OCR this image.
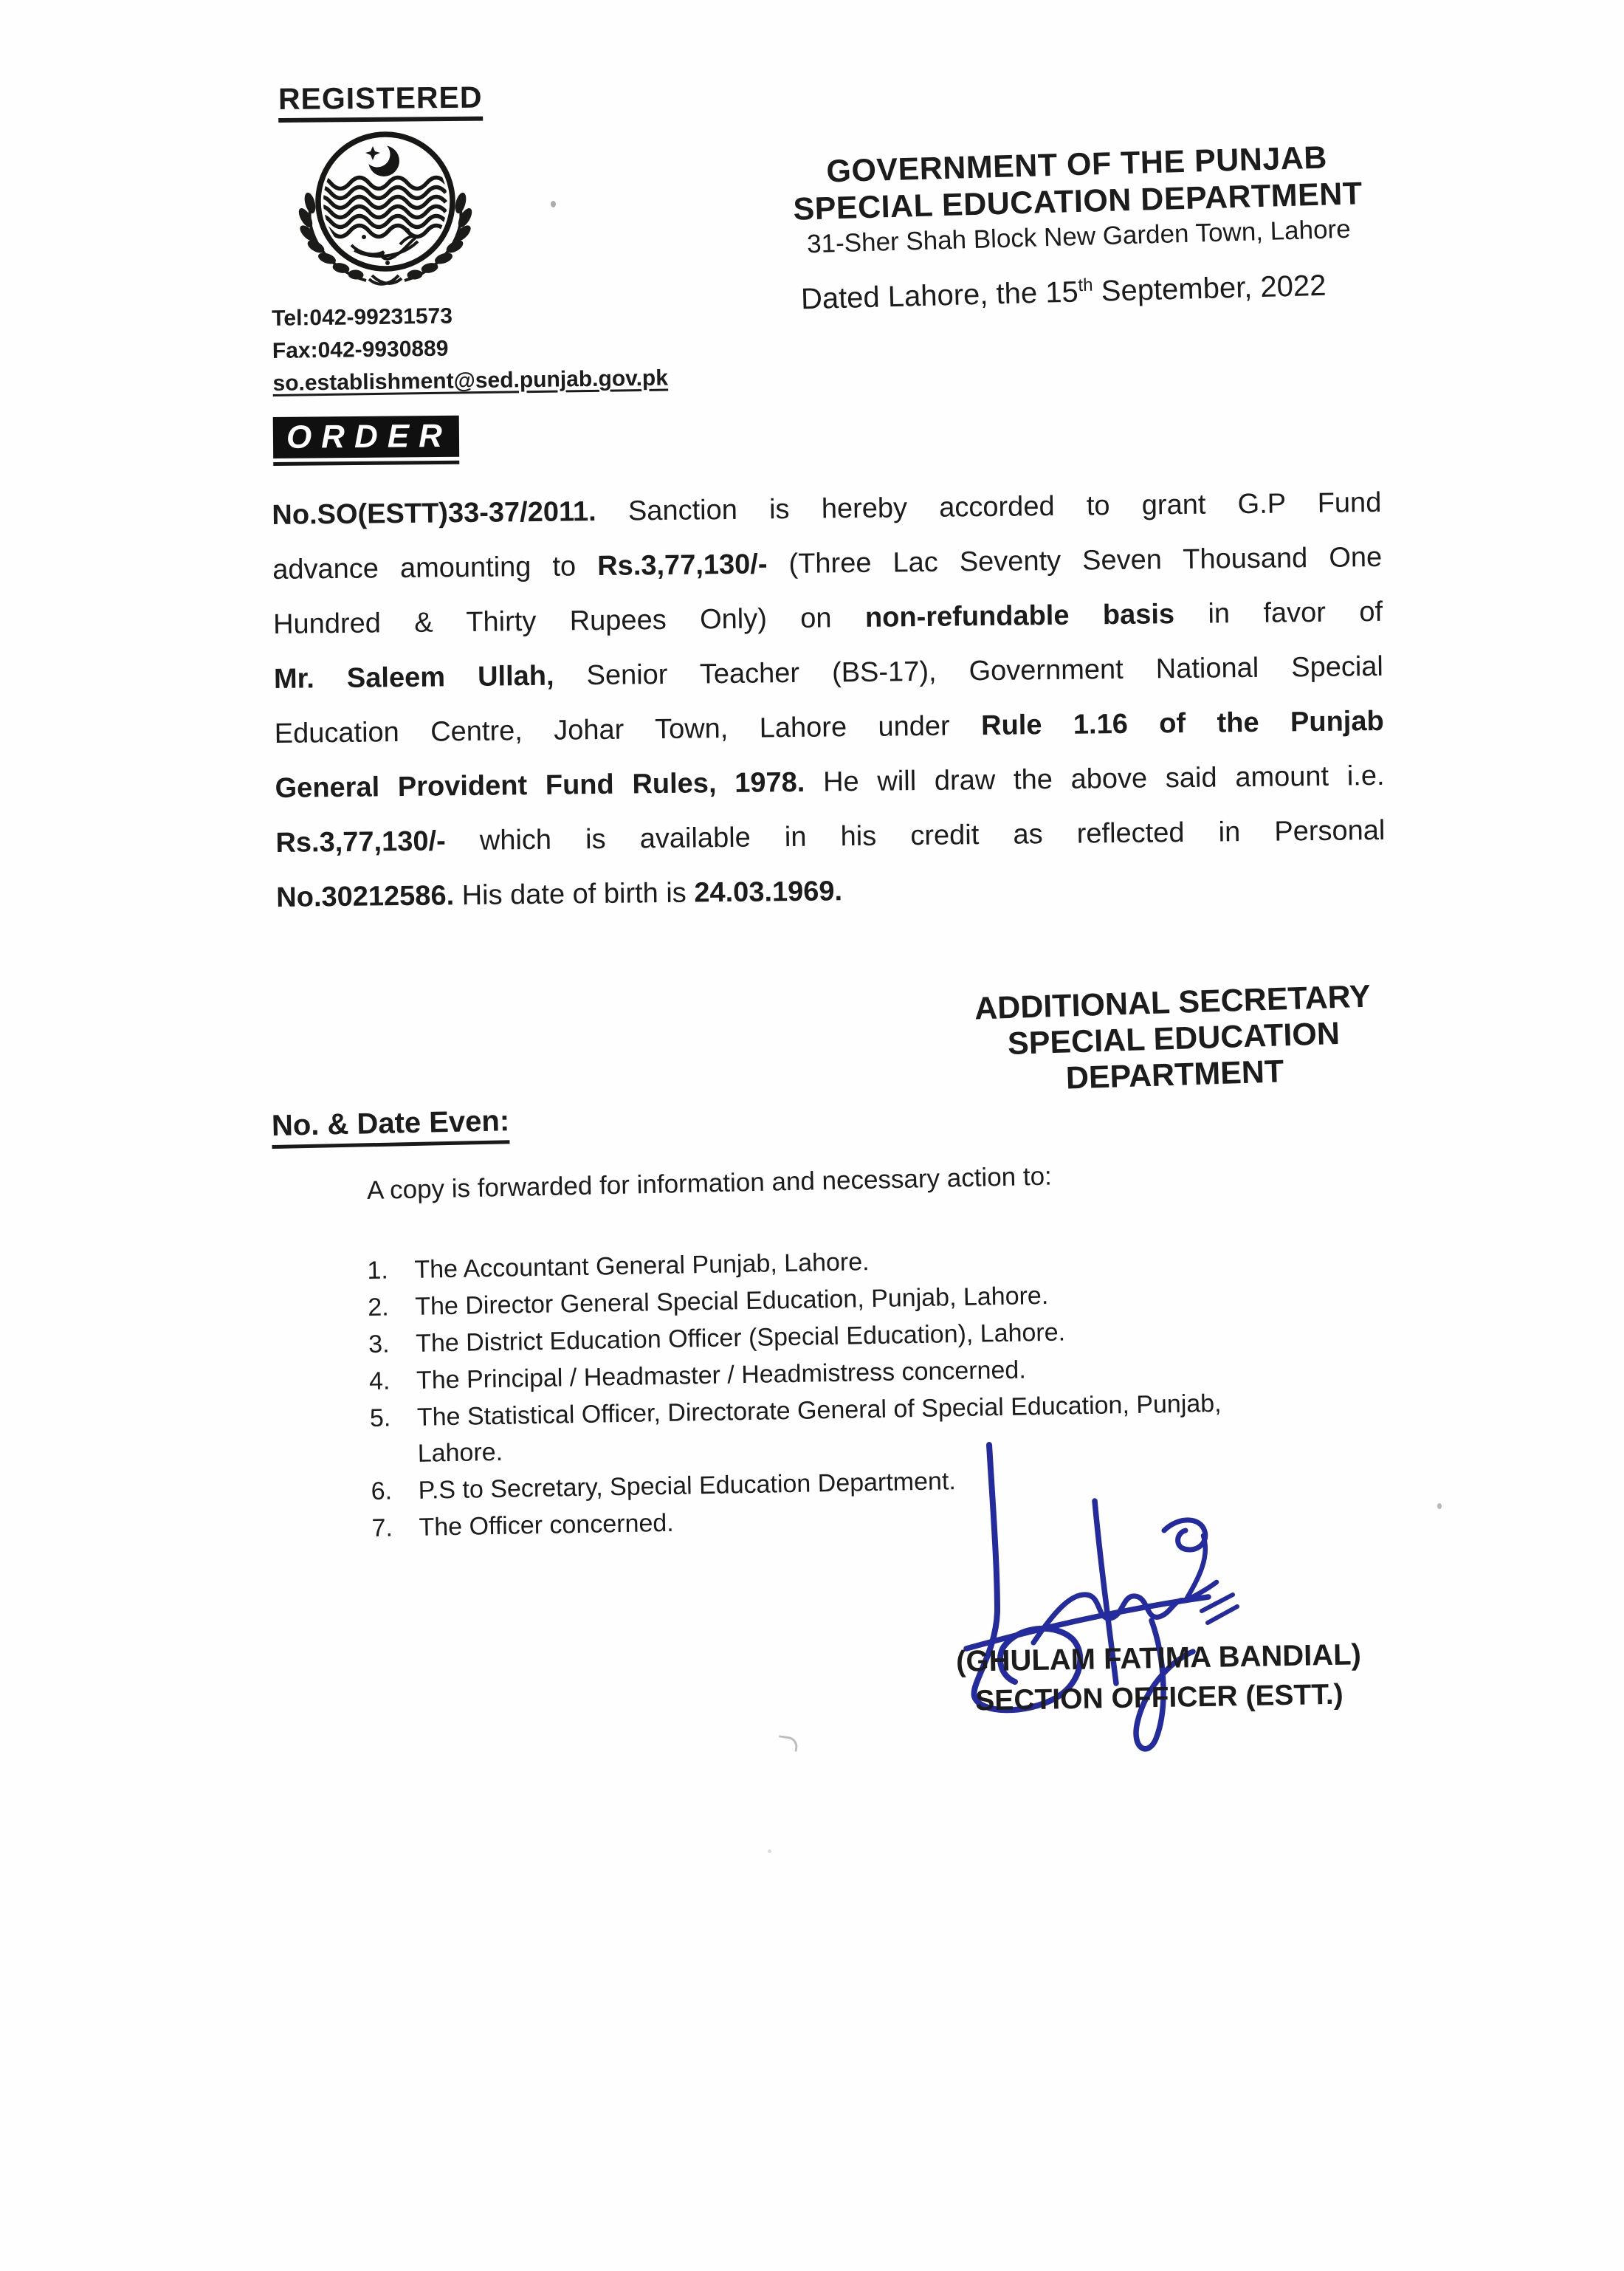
REGISTERED
GOVERNMENT OF THE PUNJAB
SPECIAL EDUCATION DEPARTMENT
31-Sher Shah Block New Garden Town, Lahore
Dated Lahore, the 15th September, 2022
Tel:042-99231573
Fax:042-9930889
so.establishment@sed.punjab.gov.pk
ORDER
No.SO(ESTT)33-37/2011. Sanction is hereby accorded to grant G.P Fund
advance amounting to Rs.3,77,130/- (Three Lac Seventy Seven Thousand One
Hundred & Thirty Rupees Only) on non-refundable basis in favor of
Mr. Saleem Ullah, Senior Teacher (BS-17), Government National Special
Education Centre, Johar Town, Lahore under Rule 1.16 of the Punjab
General Provident Fund Rules, 1978. He will draw the above said amount i.e.
Rs.3,77,130/- which is available in his credit as reflected in Personal
No.30212586. His date of birth is 24.03.1969.
ADDITIONAL SECRETARY
SPECIAL EDUCATION
DEPARTMENT
No. & Date Even:
A copy is forwarded for information and necessary action to:
1.	The Accountant General Punjab, Lahore.
2.	The Director General Special Education, Punjab, Lahore.
3.	The District Education Officer (Special Education), Lahore.
4.	The Principal / Headmaster / Headmistress concerned.
5.	The Statistical Officer, Directorate General of Special Education, Punjab, Lahore.
6.	P.S to Secretary, Special Education Department.
7.	The Officer concerned.
(GHULAM FATIMA BANDIAL)
SECTION OFFICER (ESTT.)
